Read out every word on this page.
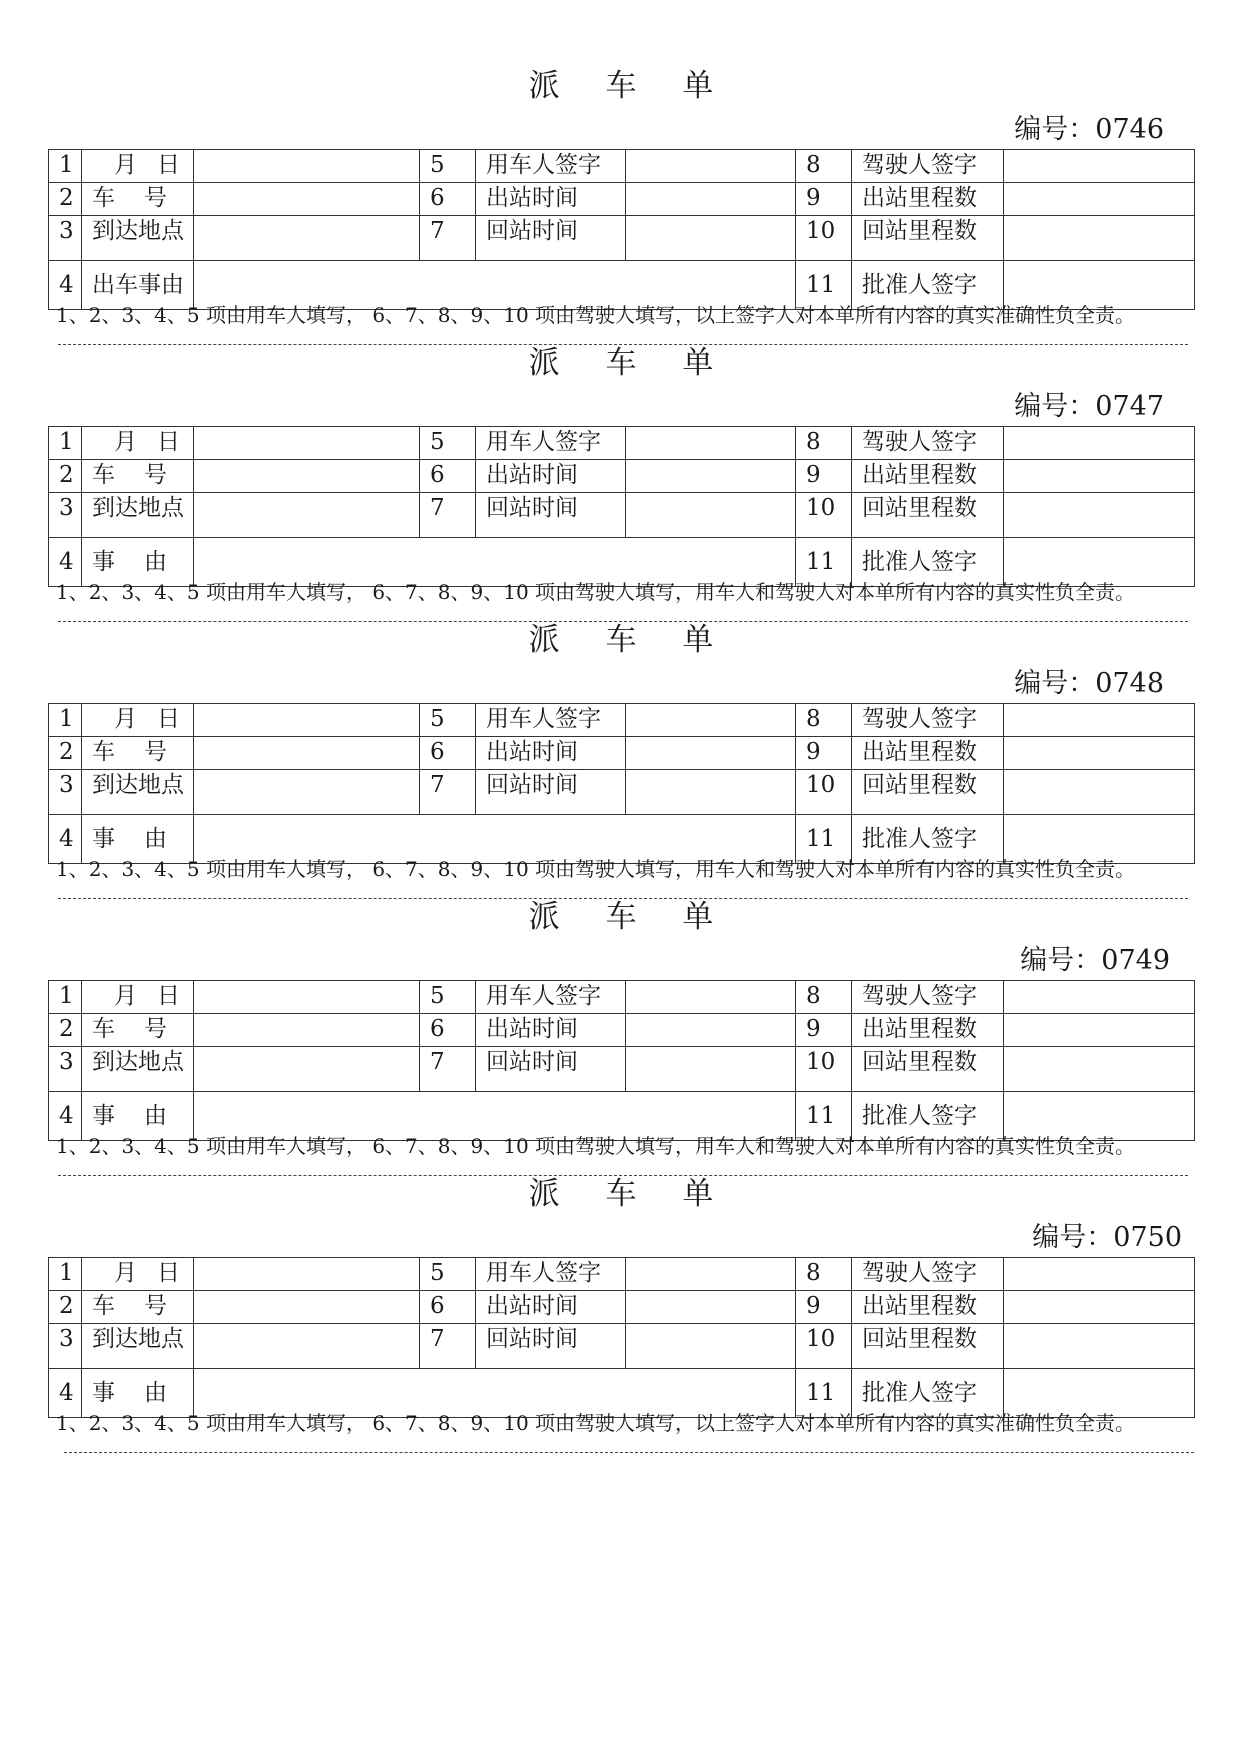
派 车 单
编号：0746
1	月 日		5	用车人签字		8	驾驶人签字	
2	车 号		6	出站时间		9	出站里程数	
3	到达地点		7	回站时间		10	回站里程数	
4	出车事由					11	批准人签字	
1、2、3、4、5 项由用车人填写， 6、7、8、9、10 项由驾驶人填写，以上签字人对本单所有内容的真实准确性负全责。
派 车 单
编号：0747
1	月 日		5	用车人签字		8	驾驶人签字	
2	车 号		6	出站时间		9	出站里程数	
3	到达地点		7	回站时间		10	回站里程数	
4	事 由					11	批准人签字	
1、2、3、4、5 项由用车人填写， 6、7、8、9、10 项由驾驶人填写，用车人和驾驶人对本单所有内容的真实性负全责。
派 车 单
编号：0748
1	月 日		5	用车人签字		8	驾驶人签字	
2	车 号		6	出站时间		9	出站里程数	
3	到达地点		7	回站时间		10	回站里程数	
4	事 由					11	批准人签字	
1、2、3、4、5 项由用车人填写， 6、7、8、9、10 项由驾驶人填写，用车人和驾驶人对本单所有内容的真实性负全责。
派 车 单
编号：0749
1	月 日		5	用车人签字		8	驾驶人签字	
2	车 号		6	出站时间		9	出站里程数	
3	到达地点		7	回站时间		10	回站里程数	
4	事 由					11	批准人签字	
1、2、3、4、5 项由用车人填写， 6、7、8、9、10 项由驾驶人填写，用车人和驾驶人对本单所有内容的真实性负全责。
派 车 单
编号：0750
1	月 日		5	用车人签字		8	驾驶人签字	
2	车 号		6	出站时间		9	出站里程数	
3	到达地点		7	回站时间		10	回站里程数	
4	事 由					11	批准人签字	
1、2、3、4、5 项由用车人填写， 6、7、8、9、10 项由驾驶人填写，以上签字人对本单所有内容的真实准确性负全责。
